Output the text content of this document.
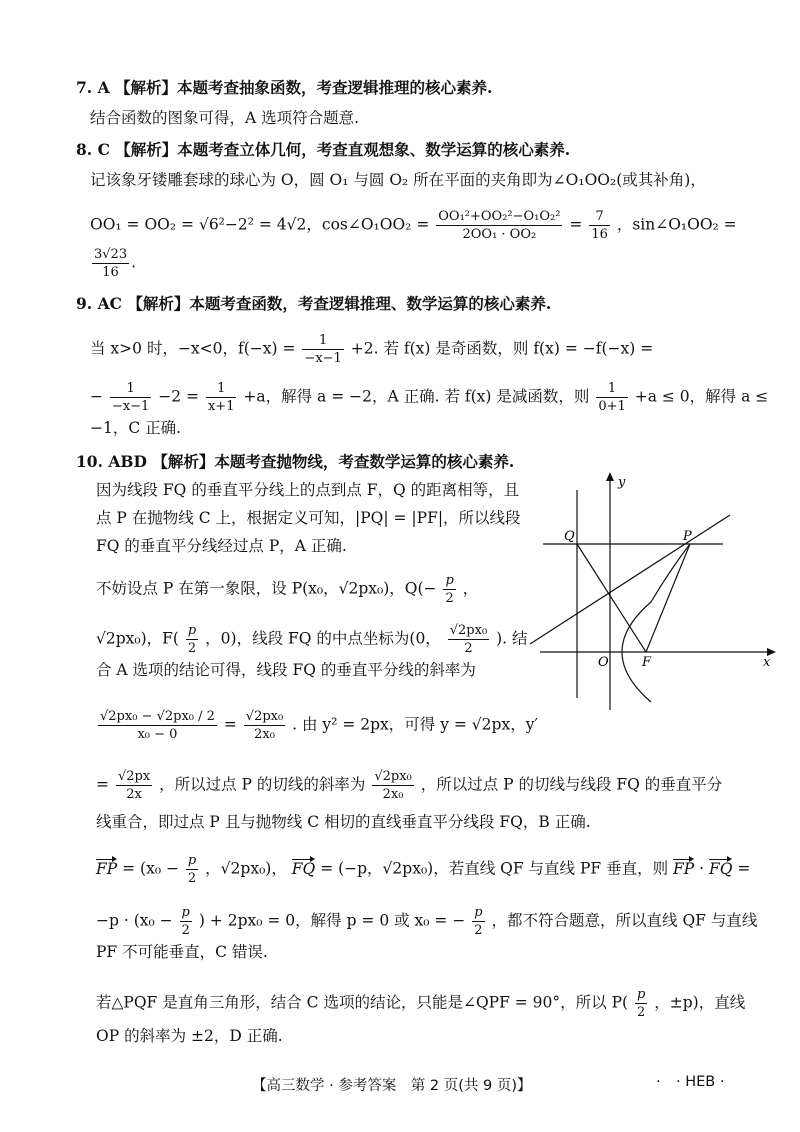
7. A 【解析】本题考查抽象函数，考查逻辑推理的核心素养.
结合函数的图象可得，A 选项符合题意.
8. C 【解析】本题考查立体几何，考查直观想象、数学运算的核心素养.
记该象牙镂雕套球的球心为 O，圆 O₁ 与圆 O₂ 所在平面的夹角即为∠O₁OO₂(或其补角)，
OO₁ = OO₂ = √6²−2² = 4√2，cos∠O₁OO₂ = $\frac{\text{OO₁²+OO₂²−O₁O₂²}}{\text{2OO₁ · OO₂}} = \frac{7}{16}$ ，sin∠O₁OO₂ =
$\frac{3√23}{16}$ .
9. AC 【解析】本题考查函数，考查逻辑推理、数学运算的核心素养.
当 x>0 时，−x<0，$f(-x) = \frac{1}{-x-1} +2$. 若 f(x) 是奇函数，则 f(x) = −f(−x) =
− $\frac{1}{-x-1} -2 = \frac{1}{x+1} +a$，解得 a = −2，A 正确. 若 f(x) 是减函数，则 $\frac{1}{0+1} +a \le 0$，解得 a ≤
−1，C 正确.
10. ABD 【解析】本题考查抛物线，考查数学运算的核心素养.
因为线段 FQ 的垂直平分线上的点到点 F，Q 的距离相等，且
点 P 在抛物线 C 上，根据定义可知，|PQ| = |PF|，所以线段
FQ 的垂直平分线经过点 P，A 正确.
不妨设点 P 在第一象限，设 P(x₀，√2px₀)，$Q(- \frac{p}{2}$ ，
√2px₀)，$F( \frac{p}{2}$ ，0)，线段 FQ 的中点坐标为(0， $\frac{\text{√2px₀}}{2}$ ). 结
合 A 选项的结论可得，线段 FQ 的垂直平分线的斜率为
$\frac{\text{√2px₀ − √2px₀ / 2}}{\text{x₀ − 0}} = \frac{\text{√2px₀}}{\text{2x₀}}$ . 由 y² = 2px，可得 y = √2px，y′
= $\frac{√2px}{2x}$ ，所以过点 P 的切线的斜率为 $\frac{\text{√2px₀}}{\text{2x₀}}$ ，所以过点 P 的切线与线段 FQ 的垂直平分
线重合，即过点 P 且与抛物线 C 相切的直线垂直平分线段 FQ，B 正确.
FP = ($x_0 - \frac{p}{2}$ ，√2px₀)， FQ = (−p，√2px₀)，若直线 QF 与直线 PF 垂直，则 FP · FQ =
$-p \cdot (x_0 - \frac{p}{2}$ ) + 2px₀ = 0，解得 p = 0 或 x₀ = − $\frac{p}{2}$ ，都不符合题意，所以直线 QF 与直线
PF 不可能垂直，C 错误.
若△PQF 是直角三角形，结合 C 选项的结论，只能是∠QPF = 90°，所以 $P( \frac{p}{2}$ ，±p)，直线
OP 的斜率为 ±2，D 正确.
y
x
Q	P
O	F
【高三数学 · 参考答案　第 2 页(共 9 页)】	· · HEB ·
